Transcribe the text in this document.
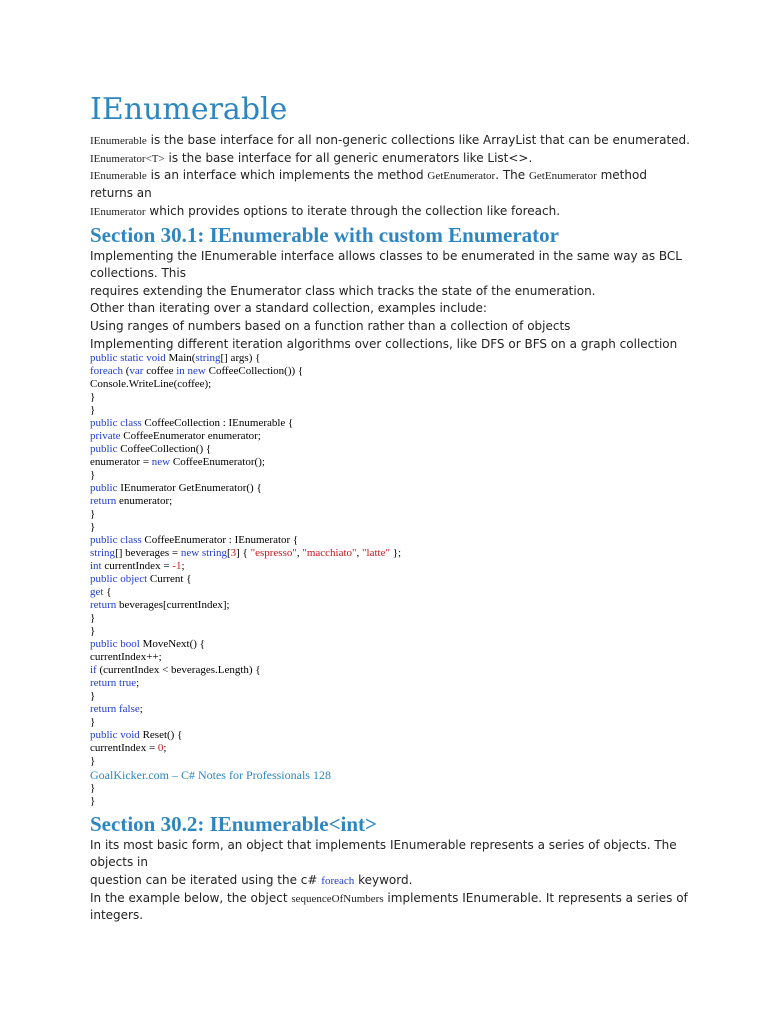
IEnumerable
IEnumerable is the base interface for all non-generic collections like ArrayList that can be enumerated.
IEnumerator<T> is the base interface for all generic enumerators like List<>.
IEnumerable is an interface which implements the method GetEnumerator. The GetEnumerator method
returns an
IEnumerator which provides options to iterate through the collection like foreach.
Section 30.1: IEnumerable with custom Enumerator
Implementing the IEnumerable interface allows classes to be enumerated in the same way as BCL
collections. This
requires extending the Enumerator class which tracks the state of the enumeration.
Other than iterating over a standard collection, examples include:
Using ranges of numbers based on a function rather than a collection of objects
Implementing different iteration algorithms over collections, like DFS or BFS on a graph collection
public static void Main(string[] args) {
foreach (var coffee in new CoffeeCollection()) {
Console.WriteLine(coffee);
}
}
public class CoffeeCollection : IEnumerable {
private CoffeeEnumerator enumerator;
public CoffeeCollection() {
enumerator = new CoffeeEnumerator();
}
public IEnumerator GetEnumerator() {
return enumerator;
}
}
public class CoffeeEnumerator : IEnumerator {
string[] beverages = new string[3] { "espresso", "macchiato", "latte" };
int currentIndex = -1;
public object Current {
get {
return beverages[currentIndex];
}
}
public bool MoveNext() {
currentIndex++;
if (currentIndex < beverages.Length) {
return true;
}
return false;
}
public void Reset() {
currentIndex = 0;
}
GoalKicker.com – C# Notes for Professionals 128
}
}
Section 30.2: IEnumerable<int>
In its most basic form, an object that implements IEnumerable represents a series of objects. The
objects in
question can be iterated using the c# foreach keyword.
In the example below, the object sequenceOfNumbers implements IEnumerable. It represents a series of
integers.
